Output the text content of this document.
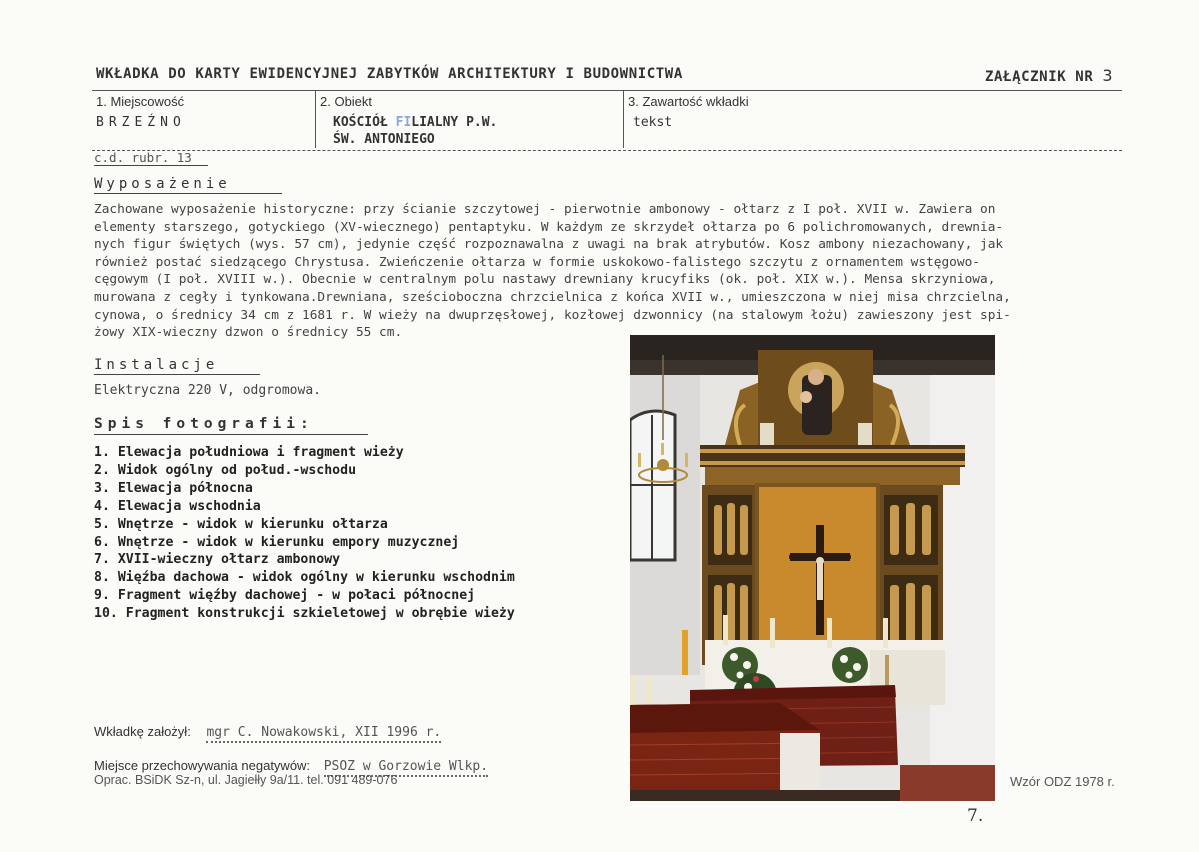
WKŁADKA DO KARTY EWIDENCYJNEJ ZABYTKÓW ARCHITEKTURY I BUDOWNICTWA	ZAŁĄCZNIK NR 3
1. Miejscowość
BRZEŹNO
2. Obiekt
KOŚCIÓŁ FILIALNY P.W.
ŚW. ANTONIEGO
3. Zawartość wkładki
tekst
c.d. rubr. 13
Wyposażenie
Zachowane wyposażenie historyczne: przy ścianie szczytowej - pierwotnie ambonowy - ołtarz z I poł. XVII w. Zawiera on
elementy starszego, gotyckiego (XV-wiecznego) pentaptyku. W każdym ze skrzydeł ołtarza po 6 polichromowanych, drewnia-
nych figur świętych (wys. 57 cm), jedynie część rozpoznawalna z uwagi na brak atrybutów. Kosz ambony niezachowany, jak
również postać siedzącego Chrystusa. Zwieńczenie ołtarza w formie uskokowo-falistego szczytu z ornamentem wstęgowo-
cęgowym (I poł. XVIII w.). Obecnie w centralnym polu nastawy drewniany krucyfiks (ok. poł. XIX w.). Mensa skrzyniowa,
murowana z cegły i tynkowana.Drewniana, sześcioboczna chrzcielnica z końca XVII w., umieszczona w niej misa chrzcielna,
cynowa, o średnicy 34 cm z 1681 r. W wieży na dwuprzęsłowej, kozłowej dzwonnicy (na stalowym łożu) zawieszony jest spi-
żowy XIX-wieczny dzwon o średnicy 55 cm.
Instalacje
Elektryczna 220 V, odgromowa.
Spis fotografii:
1. Elewacja południowa i fragment wieży
2. Widok ogólny od połud.-wschodu
3. Elewacja północna
4. Elewacja wschodnia
5. Wnętrze - widok w kierunku ołtarza
6. Wnętrze - widok w kierunku empory muzycznej
7. XVII-wieczny ołtarz ambonowy
8. Więźba dachowa - widok ogólny w kierunku wschodnim
9. Fragment więźby dachowej - w połaci północnej
10. Fragment konstrukcji szkieletowej w obrębie wieży
Wkładkę założył: mgr C. Nowakowski, XII 1996 r.
Miejsce przechowywania negatywów: PSOZ w Gorzowie Wlkp.
Oprac. BSiDK Sz-n, ul. Jagiełły 9a/11. tel. 091 489-076	Wzór ODZ 1978 r.
7.
